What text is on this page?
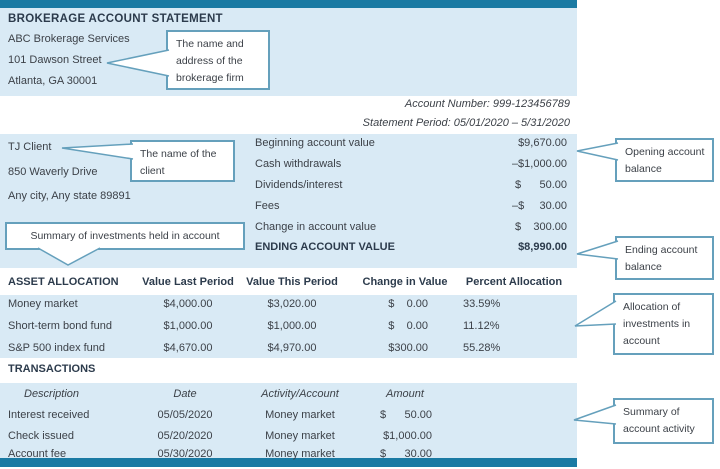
BROKERAGE ACCOUNT STATEMENT
ABC Brokerage Services
101 Dawson Street
Atlanta, GA 30001
Account Number: 999-123456789
Statement Period: 05/01/2020 – 5/31/2020
TJ Client
850 Waverly Drive
Any city, Any state 89891
Beginning account value	$9,670.00
Cash withdrawals	–$1,000.00
Dividends/interest	$      50.00
Fees	–$     30.00
Change in account value	$    300.00
ENDING ACCOUNT VALUE	$8,990.00
ASSET ALLOCATION	Value Last Period	Value This Period	Change in Value	Percent Allocation
Money market	$4,000.00	$3,020.00	$    0.00	33.59%
Short-term bond fund	$1,000.00	$1,000.00	$    0.00	11.12%
S&P 500 index fund	$4,670.00	$4,970.00	$300.00	55.28%
TRANSACTIONS
Description	Date	Activity/Account	Amount
Interest received	05/05/2020	Money market	$      50.00
Check issued	05/20/2020	Money market	$1,000.00
Account fee	05/30/2020	Money market	$      30.00
The name and address of the brokerage firm
The name of the client
Summary of investments held in account
Opening account balance
Ending account balance
Allocation of investments in account
Summary of account activity
